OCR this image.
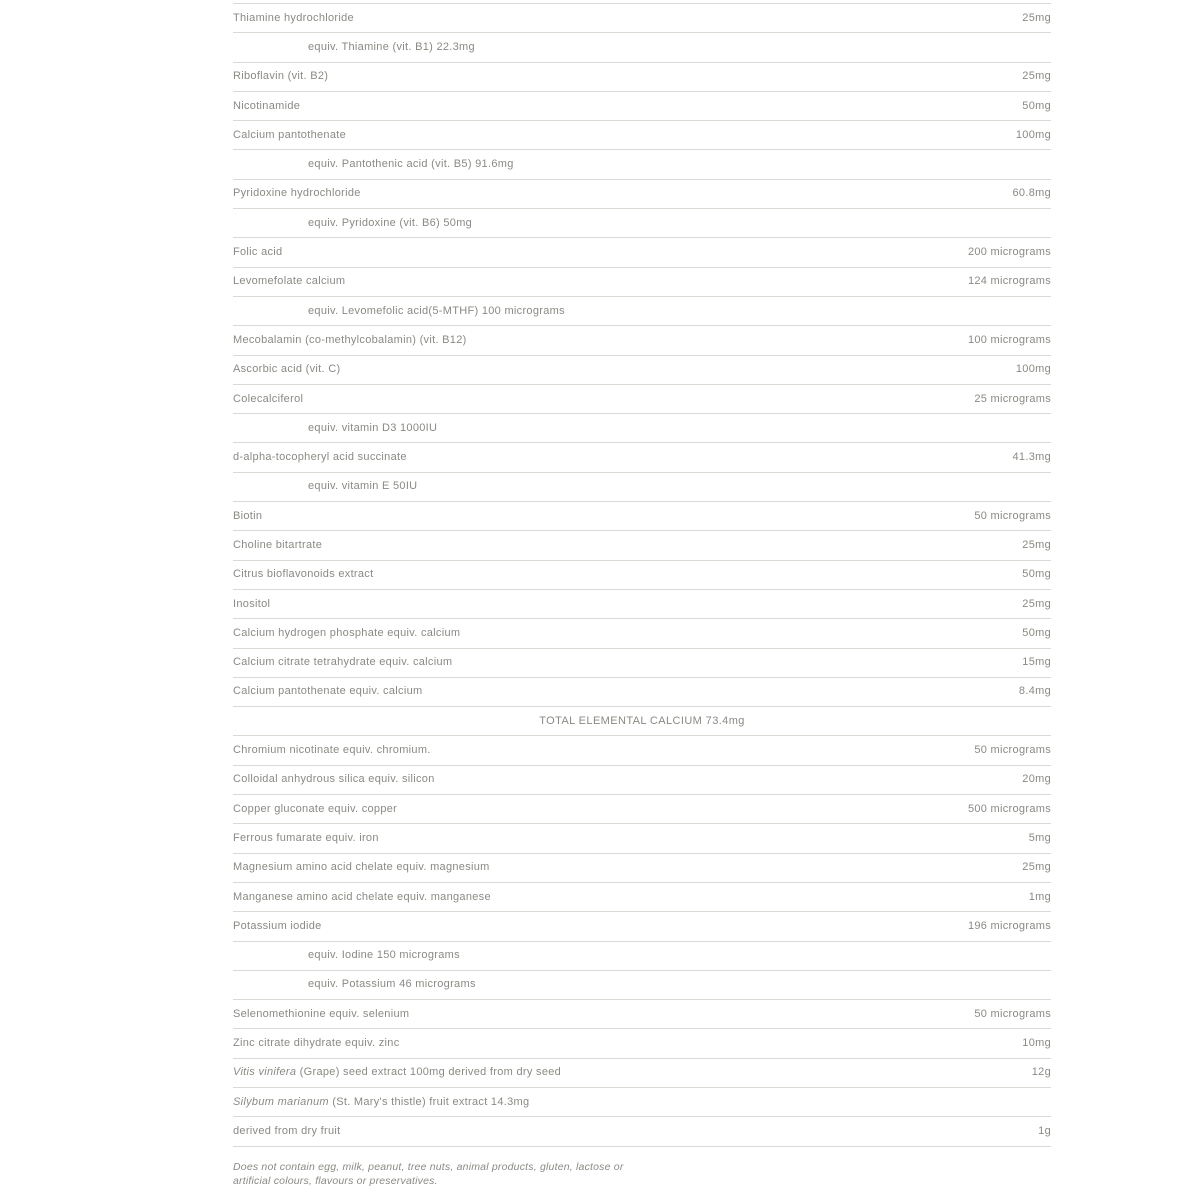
Thiamine hydrochloride	25mg
equiv. Thiamine (vit. B1) 22.3mg
Riboflavin (vit. B2)	25mg
Nicotinamide	50mg
Calcium pantothenate	100mg
equiv. Pantothenic acid (vit. B5) 91.6mg
Pyridoxine hydrochloride	60.8mg
equiv. Pyridoxine (vit. B6) 50mg
Folic acid	200 micrograms
Levomefolate calcium	124 micrograms
equiv. Levomefolic acid(5-MTHF) 100 micrograms
Mecobalamin (co-methylcobalamin) (vit. B12)	100 micrograms
Ascorbic acid (vit. C)	100mg
Colecalciferol	25 micrograms
equiv. vitamin D3 1000IU
d-alpha-tocopheryl acid succinate	41.3mg
equiv. vitamin E 50IU
Biotin	50 micrograms
Choline bitartrate	25mg
Citrus bioflavonoids extract	50mg
Inositol	25mg
Calcium hydrogen phosphate equiv. calcium	50mg
Calcium citrate tetrahydrate equiv. calcium	15mg
Calcium pantothenate equiv. calcium	8.4mg
TOTAL ELEMENTAL CALCIUM 73.4mg
Chromium nicotinate equiv. chromium.	50 micrograms
Colloidal anhydrous silica equiv. silicon	20mg
Copper gluconate equiv. copper	500 micrograms
Ferrous fumarate equiv. iron	5mg
Magnesium amino acid chelate equiv. magnesium	25mg
Manganese amino acid chelate equiv. manganese	1mg
Potassium iodide	196 micrograms
equiv. Iodine 150 micrograms
equiv. Potassium 46 micrograms
Selenomethionine equiv. selenium	50 micrograms
Zinc citrate dihydrate equiv. zinc	10mg
Vitis vinifera (Grape) seed extract 100mg derived from dry seed	12g
Silybum marianum (St. Mary's thistle) fruit extract 14.3mg
derived from dry fruit	1g

Does not contain egg, milk, peanut, tree nuts, animal products, gluten, lactose or artificial colours, flavours or preservatives.
